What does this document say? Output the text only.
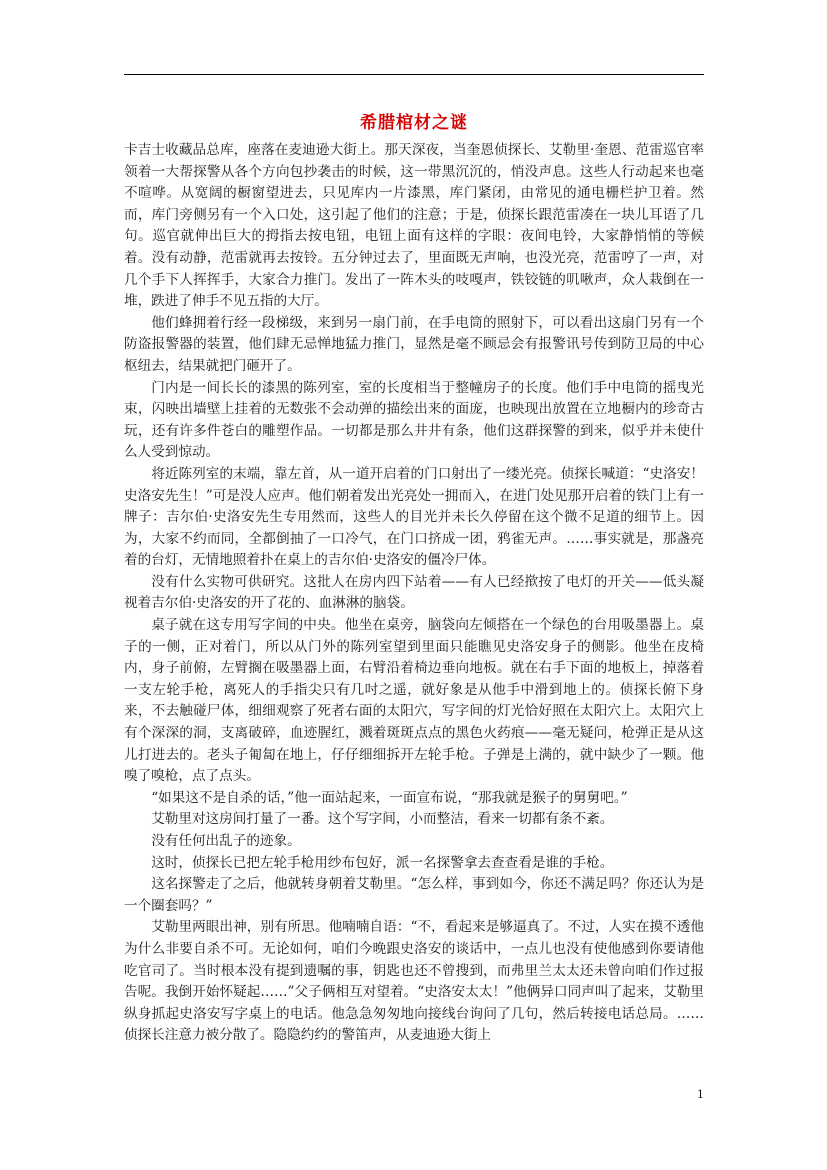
希腊棺材之谜

卡吉士收藏品总库，座落在麦迪逊大街上。那天深夜，当奎恩侦探长、艾勒里·奎恩、范雷巡官率领着一大帮探警从各个方向包抄袭击的时候，这一带黑沉沉的，悄没声息。这些人行动起来也毫不喧哗。从宽阔的橱窗望进去，只见库内一片漆黑，库门紧闭，由常见的通电栅栏护卫着。然而，库门旁侧另有一个入口处，这引起了他们的注意；于是，侦探长跟范雷凑在一块儿耳语了几句。巡官就伸出巨大的拇指去按电钮，电钮上面有这样的字眼：夜间电铃，大家静悄悄的等候着。没有动静，范雷就再去按铃。五分钟过去了，里面既无声响，也没光亮，范雷哼了一声，对几个手下人挥挥手，大家合力推门。发出了一阵木头的吱嘎声，铁铰链的叽啾声，众人栽倒在一堆，跌进了伸手不见五指的大厅。

他们蜂拥着行经一段梯级，来到另一扇门前，在手电筒的照射下，可以看出这扇门另有一个防盗报警器的装置，他们肆无忌惮地猛力推门，显然是毫不顾忌会有报警讯号传到防卫局的中心枢纽去，结果就把门砸开了。

门内是一间长长的漆黑的陈列室，室的长度相当于整幢房子的长度。他们手中电筒的摇曳光束，闪映出墙壁上挂着的无数张不会动弹的描绘出来的面庞，也映现出放置在立地橱内的珍奇古玩，还有许多件苍白的雕塑作品。一切都是那么井井有条，他们这群探警的到来，似乎并未使什么人受到惊动。

将近陈列室的末端，靠左首，从一道开启着的门口射出了一缕光亮。侦探长喊道：“史洛安！史洛安先生！”可是没人应声。他们朝着发出光亮处一拥而入，在进门处见那开启着的铁门上有一牌子：吉尔伯·史洛安先生专用然而，这些人的目光并未长久停留在这个微不足道的细节上。因为，大家不约而同，全都倒抽了一口冷气，在门口挤成一团，鸦雀无声。……事实就是，那盏亮着的台灯，无情地照着扑在桌上的吉尔伯·史洛安的僵冷尸体。

没有什么实物可供研究。这批人在房内四下站着——有人已经揿按了电灯的开关——低头凝视着吉尔伯·史洛安的开了花的、血淋淋的脑袋。

桌子就在这专用写字间的中央。他坐在桌旁，脑袋向左倾搭在一个绿色的台用吸墨器上。桌子的一侧，正对着门，所以从门外的陈列室望到里面只能瞧见史洛安身子的侧影。他坐在皮椅内，身子前俯，左臂搁在吸墨器上面，右臂沿着椅边垂向地板。就在右手下面的地板上，掉落着一支左轮手枪，离死人的手指尖只有几吋之遥，就好象是从他手中滑到地上的。侦探长俯下身来，不去触碰尸体，细细观察了死者右面的太阳穴，写字间的灯光恰好照在太阳穴上。太阳穴上有个深深的洞，支离破碎，血迹腥红，溅着斑斑点点的黑色火药痕——毫无疑问，枪弹正是从这儿打进去的。老头子匍匐在地上，仔仔细细拆开左轮手枪。子弹是上满的，就中缺少了一颗。他嗅了嗅枪，点了点头。

“如果这不是自杀的话，”他一面站起来，一面宣布说，“那我就是猴子的舅舅吧。”

艾勒里对这房间打量了一番。这个写字间，小而整洁，看来一切都有条不紊。

没有任何出乱子的迹象。

这时，侦探长已把左轮手枪用纱布包好，派一名探警拿去查查看是谁的手枪。

这名探警走了之后，他就转身朝着艾勒里。“怎么样，事到如今，你还不满足吗？你还认为是一个圈套吗？”

艾勒里两眼出神，别有所思。他喃喃自语：“不，看起来是够逼真了。不过，人实在摸不透他为什么非要自杀不可。无论如何，咱们今晚跟史洛安的谈话中，一点儿也没有使他感到你要请他吃官司了。当时根本没有提到遗嘱的事，钥匙也还不曾搜到，而弗里兰太太还未曾向咱们作过报告呢。我倒开始怀疑起……”父子俩相互对望着。“史洛安太太！”他俩异口同声叫了起来，艾勒里纵身抓起史洛安写字桌上的电话。他急急匆匆地向接线台询问了几句，然后转接电话总局。……侦探长注意力被分散了。隐隐约约的警笛声，从麦迪逊大街上

1
